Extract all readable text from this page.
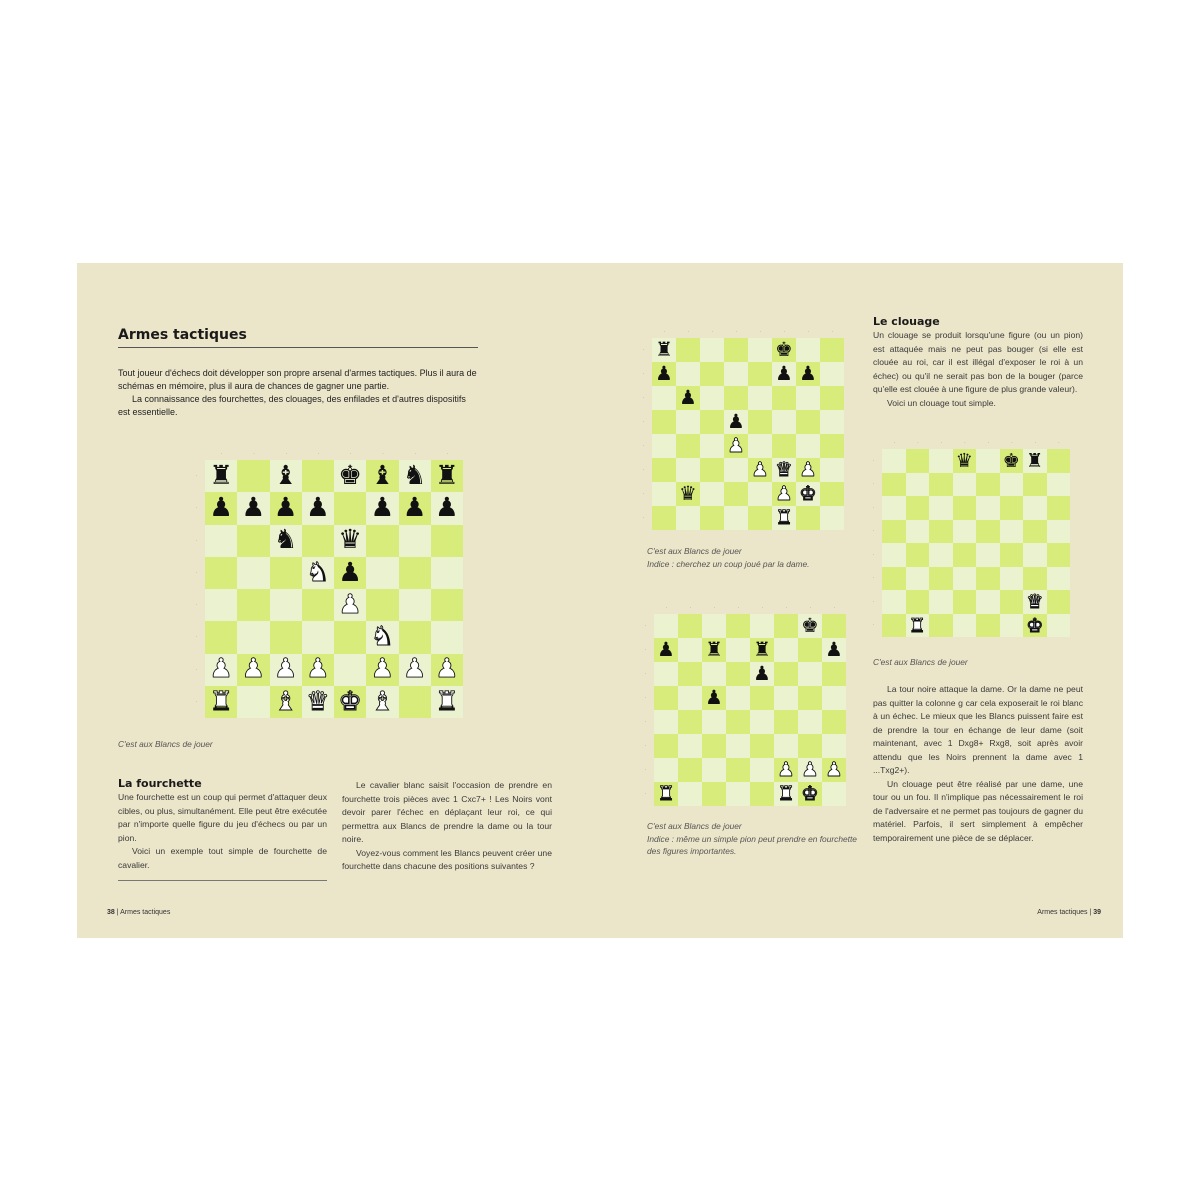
Armes tactiques

Tout joueur d'échecs doit développer son propre arsenal d'armes tactiques. Plus il aura de schémas en mémoire, plus il aura de chances de gagner une partie.

La connaissance des fourchettes, des clouages, des enfilades et d'autres dispositifs est essentielle.

♜ ♝ ♚ ♝ ♞ ♜
♟ ♟ ♟ ♟ ♟ ♟ ♟
♞ ♛
♞ ♟
♟
♞
♟ ♟ ♟ ♟ ♟ ♟ ♟
♜ ♝ ♛ ♚ ♝ ♜
C'est aux Blancs de jouer
La fourchette

Une fourchette est un coup qui permet d'attaquer deux cibles, ou plus, simultanément. Elle peut être exécutée par n'importe quelle figure du jeu d'échecs ou par un pion.

Voici un exemple tout simple de fourchette de cavalier.

Le cavalier blanc saisit l'occasion de prendre en fourchette trois pièces avec 1 Cxc7+ ! Les Noirs vont devoir parer l'échec en déplaçant leur roi, ce qui permettra aux Blancs de prendre la dame ou la tour noire.

Voyez-vous comment les Blancs peuvent créer une fourchette dans chacune des positions suivantes ?

38 | Armes tactiques
♜	♚
♟	♟ ♟
♟
♟
♟
♟ ♛ ♟
♛	♟ ♚
♜
C'est aux Blancs de jouer
Indice : cherchez un coup joué par la dame.
♚
♟ ♜ ♜	♟
♟
♟
♟ ♟ ♟
♜	♜ ♚
C'est aux Blancs de jouer
Indice : même un simple pion peut prendre en fourchette des figures importantes.
Le clouage

Un clouage se produit lorsqu'une figure (ou un pion) est attaquée mais ne peut pas bouger (si elle est clouée au roi, car il est illégal d'exposer le roi à un échec) ou qu'il ne serait pas bon de la bouger (parce qu'elle est clouée à une figure de plus grande valeur).

Voici un clouage tout simple.

♛ ♚ ♜
♛
♜	♚
C'est aux Blancs de jouer

La tour noire attaque la dame. Or la dame ne peut pas quitter la colonne g car cela exposerait le roi blanc à un échec. Le mieux que les Blancs puissent faire est de prendre la tour en échange de leur dame (soit maintenant, avec 1 Dxg8+ Rxg8, soit après avoir attendu que les Noirs prennent la dame avec 1 ...Txg2+).

Un clouage peut être réalisé par une dame, une tour ou un fou. Il n'implique pas nécessairement le roi de l'adversaire et ne permet pas toujours de gagner du matériel. Parfois, il sert simplement à empêcher temporairement une pièce de se déplacer.

Armes tactiques | 39
·
·
·
·
·
·
·
·
·
·
·
·
·
·
·
·
·
·
·
·
·
·
·
·
·
·
·
·
·
·
·
·
·
·
·
·
·
·
·
·
·
·
·
·
·
·
·
·
·
·
·
·
·
·
·
·
·
·
·
·
·
·
·
·
